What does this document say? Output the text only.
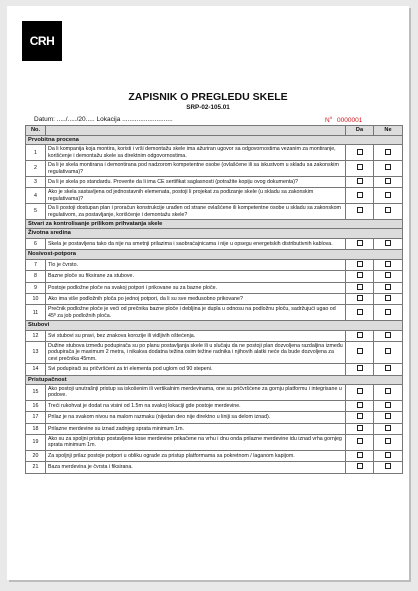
CRH
ZAPISNIK O PREGLEDU SKELE
SRP-02-105.01
Datum: ...../...../20..... Lokacija ............................	$N^o$ 0000001
No.		Da	Ne
Prvobitna procena			
1	Da li kompanija koja montira, koristi i vrši demontažu skele ima ažuriran ugovor sa odgovornostima vezanim za montiranje, korišćenje i demontažu skele sa direktnim odgovornostima.		
2	Da li je skela montirana i demontirana pod nadzorom kompetentne osobe (ovlašćene ili sa iskustvom u skladu sa zakonskim regulativama)?		
3	Da li je skela po standardu. Proverite da li ima CE sertifikat saglasnosti (potražite kopiju ovog dokumenta)?		
4	Ako je skela sastavljena od jednostavnih elemenata, postoji li projekat za podizanje skele (u skladu sa zakonskim regulativama)?		
5	Da li postoji dostupan plan i proračun konstrukcije urađen od strane ovlašćene ili kompetentne osobe u skladu sa zakonskom regulativom, za postavljanje, korišćenje i demontažu skele?		
Stvari za kontrolisanje prilikom prihvatanja skele			
Životna sredina			
6	Skela je postavljena tako da nije na smetnji prilazima i saobraćajnicama i nije u opsegu energetskih distributivnih kablova.		
Nosivost-potpora			
7	Tlo je čvrsto.		
8	Bazne ploče su fiksirane za stubove.		
9	Postoje podložne ploče na svakoj potpori i prikovane su za bazne ploče.		
10	Ako ima više podložnih ploča po jednoj potpori, da li su sve međusobno prikovane?		
11	Prečnik podložne ploče je veći od prečnika bazne ploče i debljina je dupla u odnosu na podložnu ploču, sadržujući ugao od 45º za job podložnih ploča.		
Stubovi			
12	Svi stubovi su pravi, bez znakova korozije ili vidljivih oštećenja.		
13	Dužine stubova između podupirača su po planu postavljanja skele ili u slučaju da ne postoji plan dozvoljena razdaljina između podupirača je maximum 2 metra, i nikakva dodatna težina osim težine radnika i njihovih alatki neće da bude dozvoljena za cevi prečnika 45mm.		
14	Svi podupirači su pričvršćeni za tri elementa pod uglom od 90 stepeni.		
Pristupačnost			
15	Ako postoji unutrašnji pristup sa iskošenim ili vertikalnim merdevinama, one su pričvršćene za gornju platformu i integrisane u podove.		
16	Treći rukohvat je dodat na visini od 1.5m na svakoj lokaciji gde postoje merdevine.		
17	Prilaz je na svakom nivou na malom razmaku (nijedan deo nije direktno u liniji sa delom iznad).		
18	Prilazne merdevine su iznad zadnjeg sprata minimum 1m.		
19	Ako su za spoljni pristup postavljene kose merdevine prikačene na vrhu i dnu onda prilazne merdevine idu iznad vrha gornjeg sprata minimum 1m.		
20	Za spoljnji prilaz postoje potpori u obliku ograde za pristup platformama sa pokretnom / laganom kapijom.		
21	Baza merdevina je čvrsta i fiksirana.		
